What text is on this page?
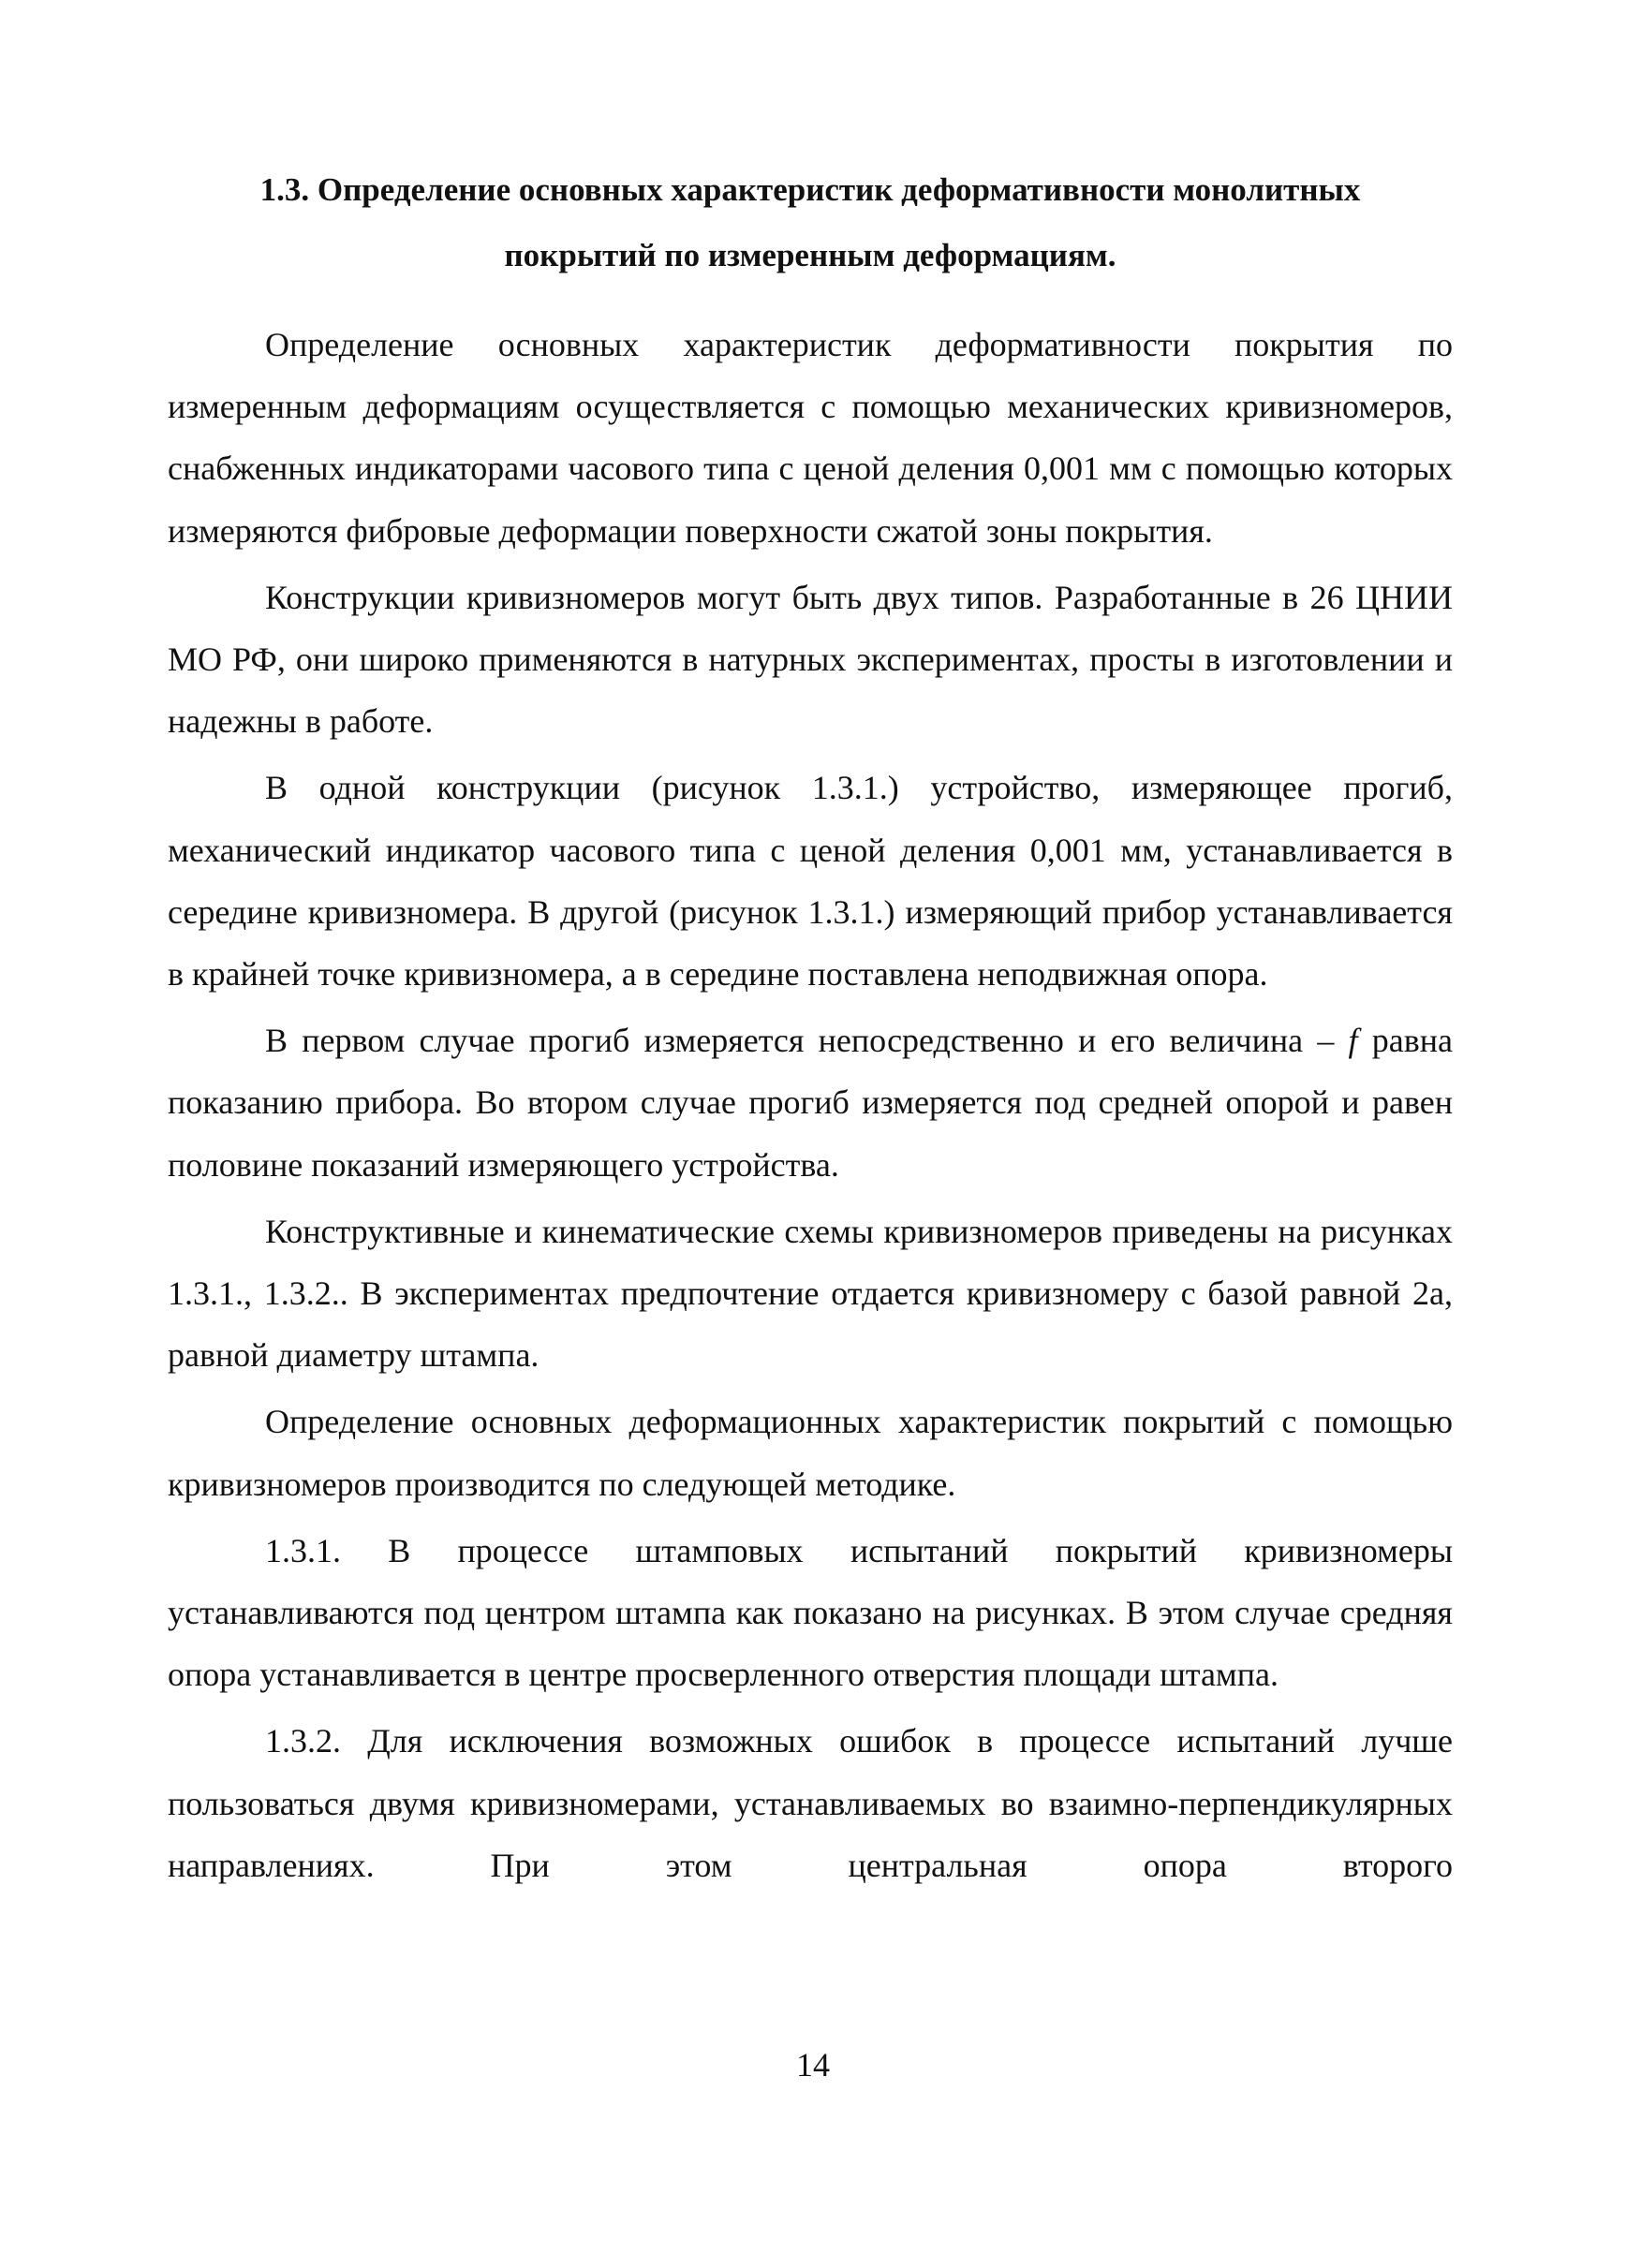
1.3. Определение основных характеристик деформативности монолитных
покрытий по измеренным деформациям.

Определение основных характеристик деформативности покрытия по измеренным деформациям осуществляется с помощью механических кривизномеров, снабженных индикаторами часового типа с ценой деления 0,001 мм с помощью которых измеряются фибровые деформации поверхности сжатой зоны покрытия.

Конструкции кривизномеров могут быть двух типов. Разработанные в 26 ЦНИИ МО РФ, они широко применяются в натурных экспериментах, просты в изготовлении и надежны в работе.

В одной конструкции (рисунок 1.3.1.) устройство, измеряющее прогиб, механический индикатор часового типа с ценой деления 0,001 мм, устанавливается в середине кривизномера. В другой (рисунок 1.3.1.) измеряющий прибор устанавливается в крайней точке кривизномера, а в середине поставлена неподвижная опора.

В первом случае прогиб измеряется непосредственно и его величина – f равна показанию прибора. Во втором случае прогиб измеряется под средней опорой и равен половине показаний измеряющего устройства.

Конструктивные и кинематические схемы кривизномеров приведены на рисунках 1.3.1., 1.3.2.. В экспериментах предпочтение отдается кривизномеру с базой равной 2а, равной диаметру штампа.

Определение основных деформационных характеристик покрытий с помощью кривизномеров производится по следующей методике.

1.3.1. В процессе штамповых испытаний покрытий кривизномеры устанавливаются под центром штампа как показано на рисунках. В этом случае средняя опора устанавливается в центре просверленного отверстия площади штампа.

1.3.2. Для исключения возможных ошибок в процессе испытаний лучше пользоваться двумя кривизномерами, устанавливаемых во взаимно-перпендикулярных направлениях. При этом центральная опора второго

14
